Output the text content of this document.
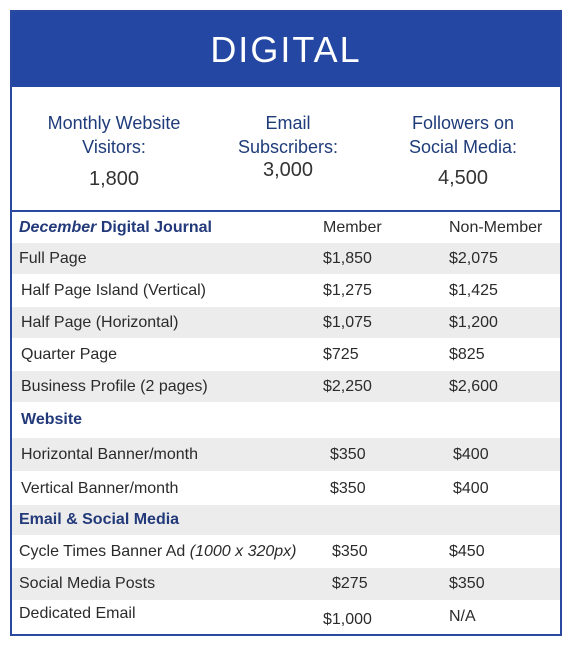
DIGITAL
Monthly Website
Visitors:
1,800
Email
Subscribers:
3,000
Followers on
Social Media:
4,500
December Digital Journal	Member	Non-Member
Full Page	$1,850	$2,075
Half Page Island (Vertical)	$1,275	$1,425
Half Page (Horizontal)	$1,075	$1,200
Quarter Page	$725	$825
Business Profile (2 pages)	$2,250	$2,600
Website
Horizontal Banner/month	$350	$400
Vertical Banner/month	$350	$400
Email & Social Media
Cycle Times Banner Ad (1000 x 320px) $350	$450
Social Media Posts	$275	$350
Dedicated Email	$1,000	N/A
